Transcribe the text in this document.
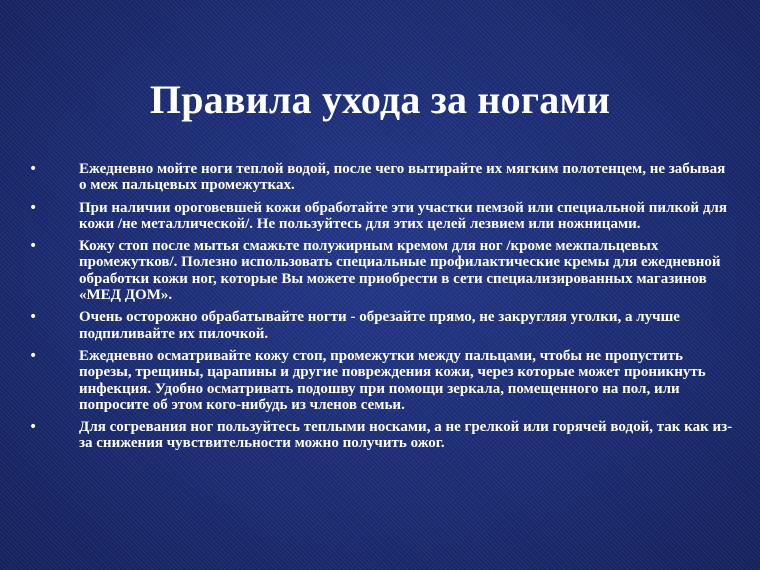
Правила ухода за ногами
•	Ежедневно мойте ноги теплой водой, после чего вытирайте их мягким полотенцем, не забывая о меж пальцевых промежутках.
•	При наличии ороговевшей кожи обработайте эти участки пемзой или специальной пилкой для кожи /не металлической/. Не пользуйтесь для этих целей лезвием или ножницами.
•	Кожу стоп после мытья смажьте полужирным кремом для ног /кроме межпальцевых промежутков/. Полезно использовать специальные профилактические кремы для ежедневной обработки кожи ног, которые Вы можете приобрести в сети специализированных магазинов «МЕД ДОМ».
•	Очень осторожно обрабатывайте ногти - обрезайте прямо, не закругляя уголки, а лучше подпиливайте их пилочкой.
•	Ежедневно осматривайте кожу стоп, промежутки между пальцами, чтобы не пропустить порезы, трещины, царапины и другие повреждения кожи, через которые может проникнуть инфекция. Удобно осматривать подошву при помощи зеркала, помещенного на пол, или попросите об этом кого-нибудь из членов семьи.
•	Для согревания ног пользуйтесь теплыми носками, а не грелкой или горячей водой, так как из-за снижения чувствительности можно получить ожог.
